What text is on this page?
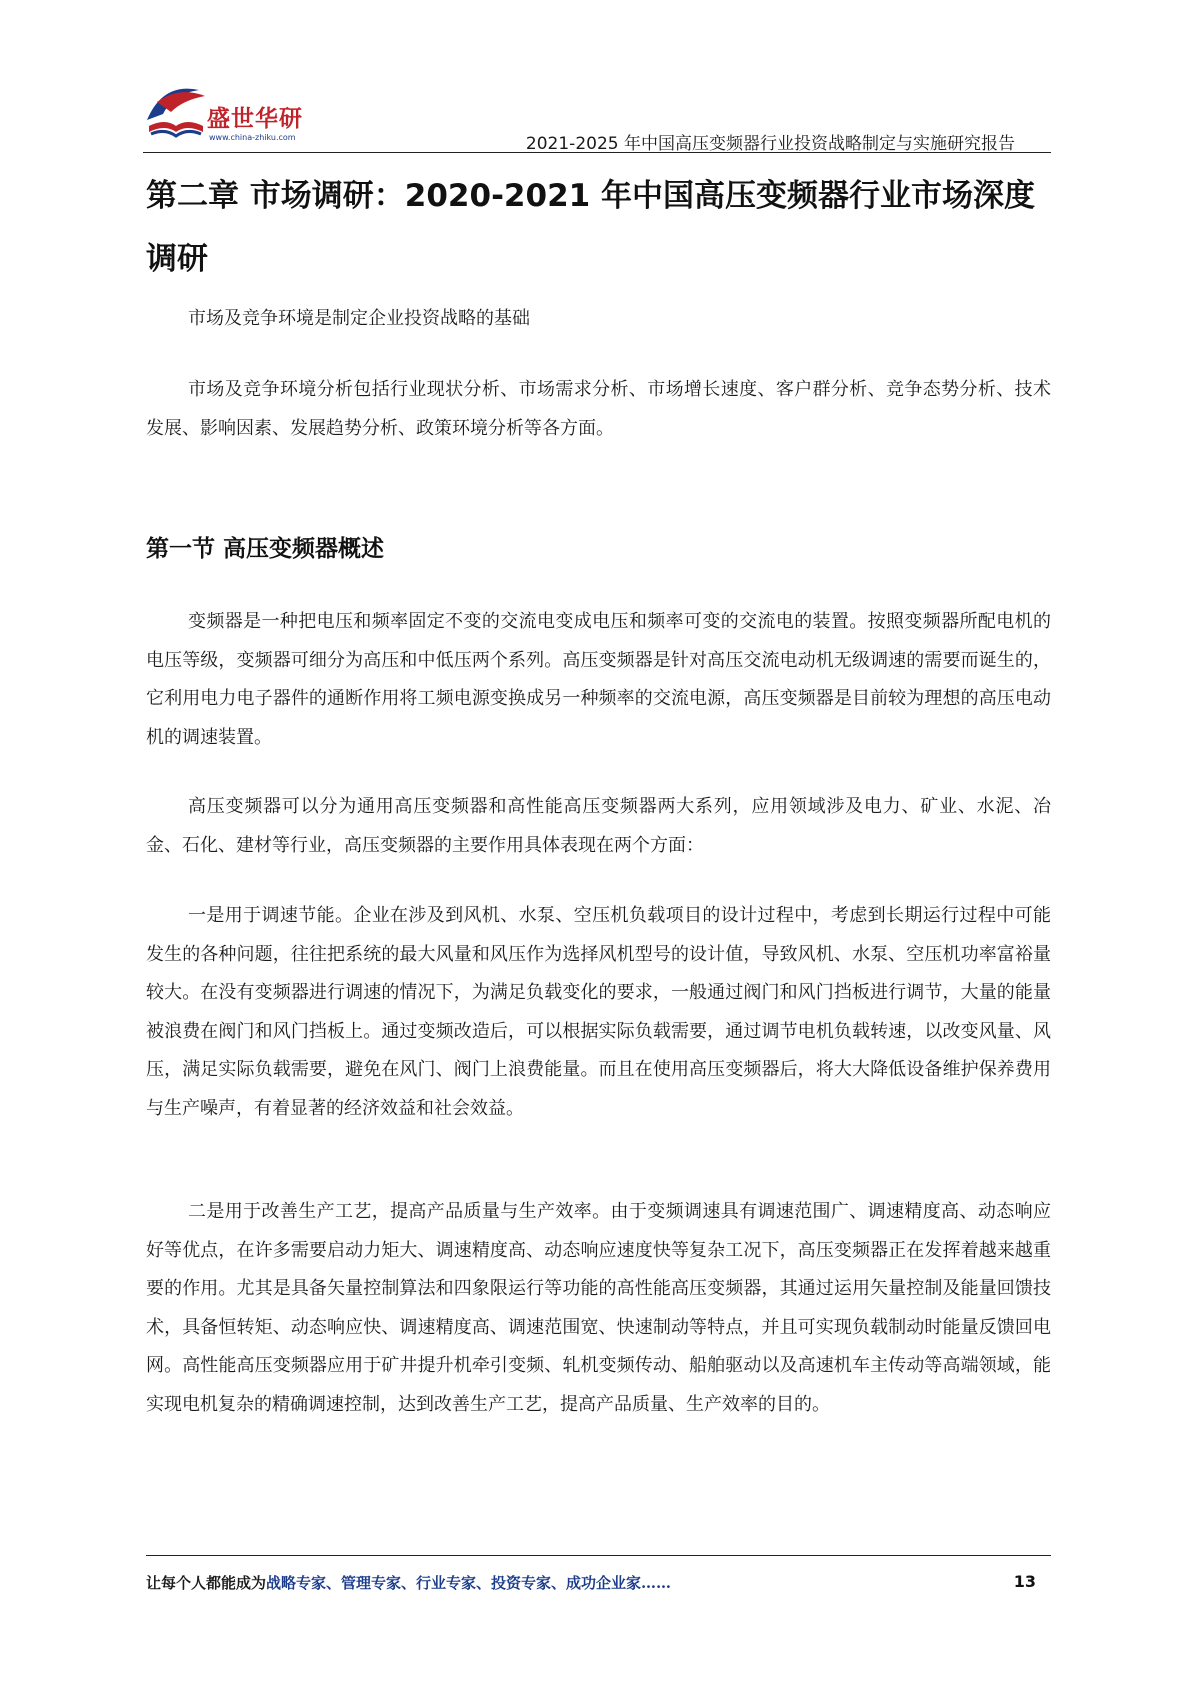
盛世华研
www.china-zhiku.com	2021-2025 年中国高压变频器行业投资战略制定与实施研究报告
第二章 市场调研：2020-2021 年中国高压变频器行业市场深度调研

市场及竞争环境是制定企业投资战略的基础

市场及竞争环境分析包括行业现状分析、市场需求分析、市场增长速度、客户群分析、竞争态势分析、技术发展、影响因素、发展趋势分析、政策环境分析等各方面。

第一节 高压变频器概述

变频器是一种把电压和频率固定不变的交流电变成电压和频率可变的交流电的装置。按照变频器所配电机的电压等级，变频器可细分为高压和中低压两个系列。高压变频器是针对高压交流电动机无级调速的需要而诞生的，它利用电力电子器件的通断作用将工频电源变换成另一种频率的交流电源，高压变频器是目前较为理想的高压电动机的调速装置。

高压变频器可以分为通用高压变频器和高性能高压变频器两大系列，应用领域涉及电力、矿业、水泥、冶金、石化、建材等行业，高压变频器的主要作用具体表现在两个方面：

一是用于调速节能。企业在涉及到风机、水泵、空压机负载项目的设计过程中，考虑到长期运行过程中可能发生的各种问题，往往把系统的最大风量和风压作为选择风机型号的设计值，导致风机、水泵、空压机功率富裕量较大。在没有变频器进行调速的情况下，为满足负载变化的要求，一般通过阀门和风门挡板进行调节，大量的能量被浪费在阀门和风门挡板上。通过变频改造后，可以根据实际负载需要，通过调节电机负载转速，以改变风量、风压，满足实际负载需要，避免在风门、阀门上浪费能量。而且在使用高压变频器后，将大大降低设备维护保养费用与生产噪声，有着显著的经济效益和社会效益。

二是用于改善生产工艺，提高产品质量与生产效率。由于变频调速具有调速范围广、调速精度高、动态响应好等优点，在许多需要启动力矩大、调速精度高、动态响应速度快等复杂工况下，高压变频器正在发挥着越来越重要的作用。尤其是具备矢量控制算法和四象限运行等功能的高性能高压变频器，其通过运用矢量控制及能量回馈技术，具备恒转矩、动态响应快、调速精度高、调速范围宽、快速制动等特点，并且可实现负载制动时能量反馈回电网。高性能高压变频器应用于矿井提升机牵引变频、轧机变频传动、船舶驱动以及高速机车主传动等高端领域，能实现电机复杂的精确调速控制，达到改善生产工艺，提高产品质量、生产效率的目的。

让每个人都能成为战略专家、管理专家、行业专家、投资专家、成功企业家……	13
